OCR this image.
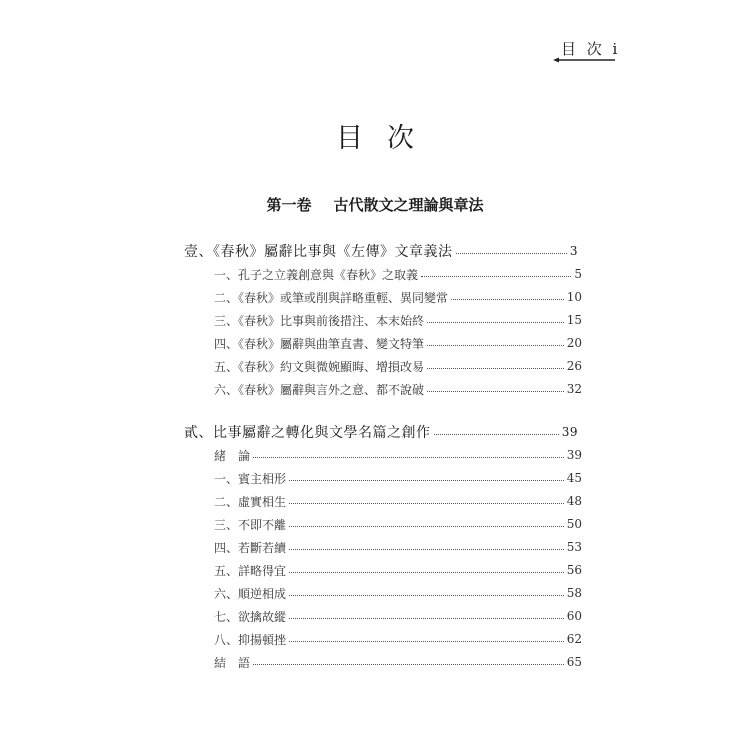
目 次 i
目次
第一卷 古代散文之理論與章法
壹、《春秋》屬辭比事與《左傳》文章義法	3
一、孔子之立義創意與《春秋》之取義	5
二、《春秋》或筆或削與詳略重輕、異同變常	10
三、《春秋》比事與前後措注、本末始終	15
四、《春秋》屬辭與曲筆直書、變文特筆	20
五、《春秋》約文與微婉顯晦、增損改易	26
六、《春秋》屬辭與言外之意、都不說破	32
貳、比事屬辭之轉化與文學名篇之創作	39
緒　論	39
一、賓主相形	45
二、虛實相生	48
三、不即不離	50
四、若斷若續	53
五、詳略得宜	56
六、順逆相成	58
七、欲擒故縱	60
八、抑揚頓挫	62
結　語	65
